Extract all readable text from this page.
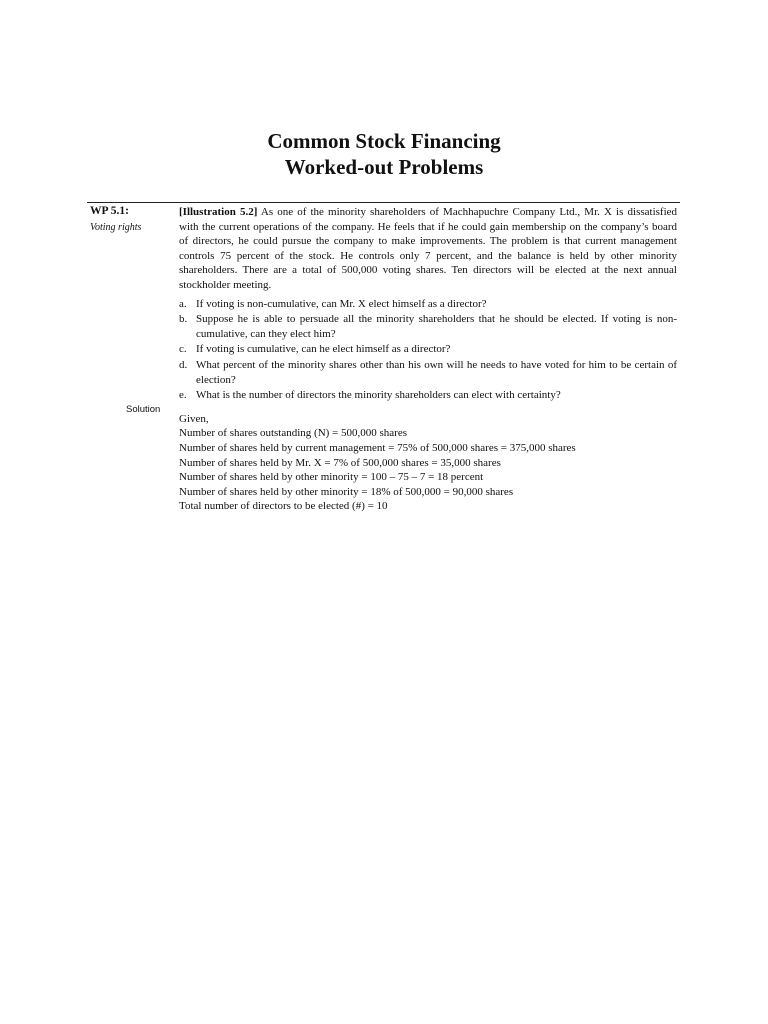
Common Stock Financing
Worked-out Problems
WP 5.1:
Voting rights
Solution

[Illustration 5.2] As one of the minority shareholders of Machhapuchre Company Ltd., Mr. X is dissatisfied with the current operations of the company. He feels that if he could gain membership on the company’s board of directors, he could pursue the company to make improvements. The problem is that current management controls 75 percent of the stock. He controls only 7 percent, and the balance is held by other minority shareholders. There are a total of 500,000 voting shares. Ten directors will be elected at the next annual stockholder meeting.

a. If voting is non-cumulative, can Mr. X elect himself as a director?
b. Suppose he is able to persuade all the minority shareholders that he should be elected. If voting is non-cumulative, can they elect him?
c. If voting is cumulative, can he elect himself as a director?
d. What percent of the minority shares other than his own will he needs to have voted for him to be certain of election?
e. What is the number of directors the minority shareholders can elect with certainty?
Given,
Number of shares outstanding (N) = 500,000 shares
Number of shares held by current management = 75% of 500,000 shares = 375,000 shares
Number of shares held by Mr. X = 7% of 500,000 shares = 35,000 shares
Number of shares held by other minority = 100 – 75 – 7 = 18 percent
Number of shares held by other minority = 18% of 500,000 = 90,000 shares
Total number of directors to be elected (#) = 10
